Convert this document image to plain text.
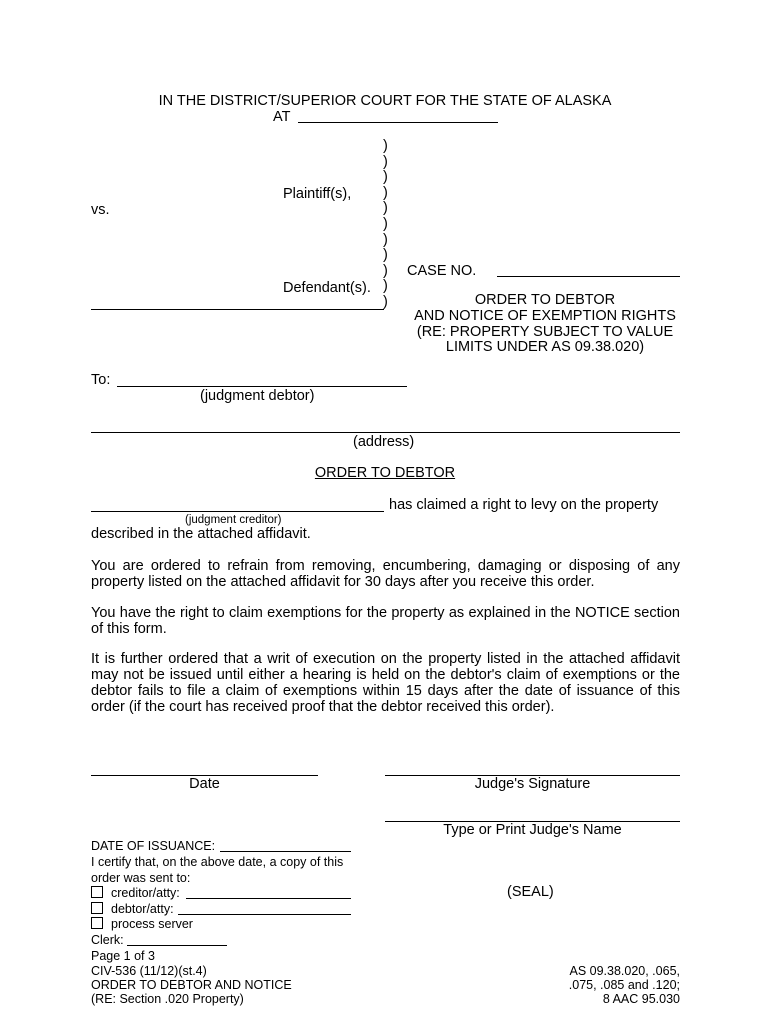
IN THE DISTRICT/SUPERIOR COURT FOR THE STATE OF ALASKA
AT
)
)
)
)
)
)
)
)
)
)
)
Plaintiff(s),
vs.
Defendant(s).
CASE NO.
ORDER TO DEBTOR
AND NOTICE OF EXEMPTION RIGHTS
(RE: PROPERTY SUBJECT TO VALUE
LIMITS UNDER AS 09.38.020)
To:
(judgment debtor)
(address)
ORDER TO DEBTOR
has claimed a right to levy on the property
(judgment creditor)
described in the attached affidavit.
You are ordered to refrain from removing, encumbering, damaging or disposing of any property listed on the attached affidavit for 30 days after you receive this order.
You have the right to claim exemptions for the property as explained in the NOTICE section of this form.
It is further ordered that a writ of execution on the property listed in the attached affidavit may not be issued until either a hearing is held on the debtor's claim of exemptions or the debtor fails to file a claim of exemptions within 15 days after the date of issuance of this order (if the court has received proof that the debtor received this order).
Date	Judge's Signature
Type or Print Judge's Name
(SEAL)
DATE OF ISSUANCE:
I certify that, on the above date, a copy of this
order was sent to:
creditor/atty:
debtor/atty:
process server
Clerk:
Page 1 of 3
CIV-536 (11/12)(st.4)
ORDER TO DEBTOR AND NOTICE
(RE: Section .020 Property)
AS 09.38.020, .065,
.075, .085 and .120;
8 AAC 95.030
